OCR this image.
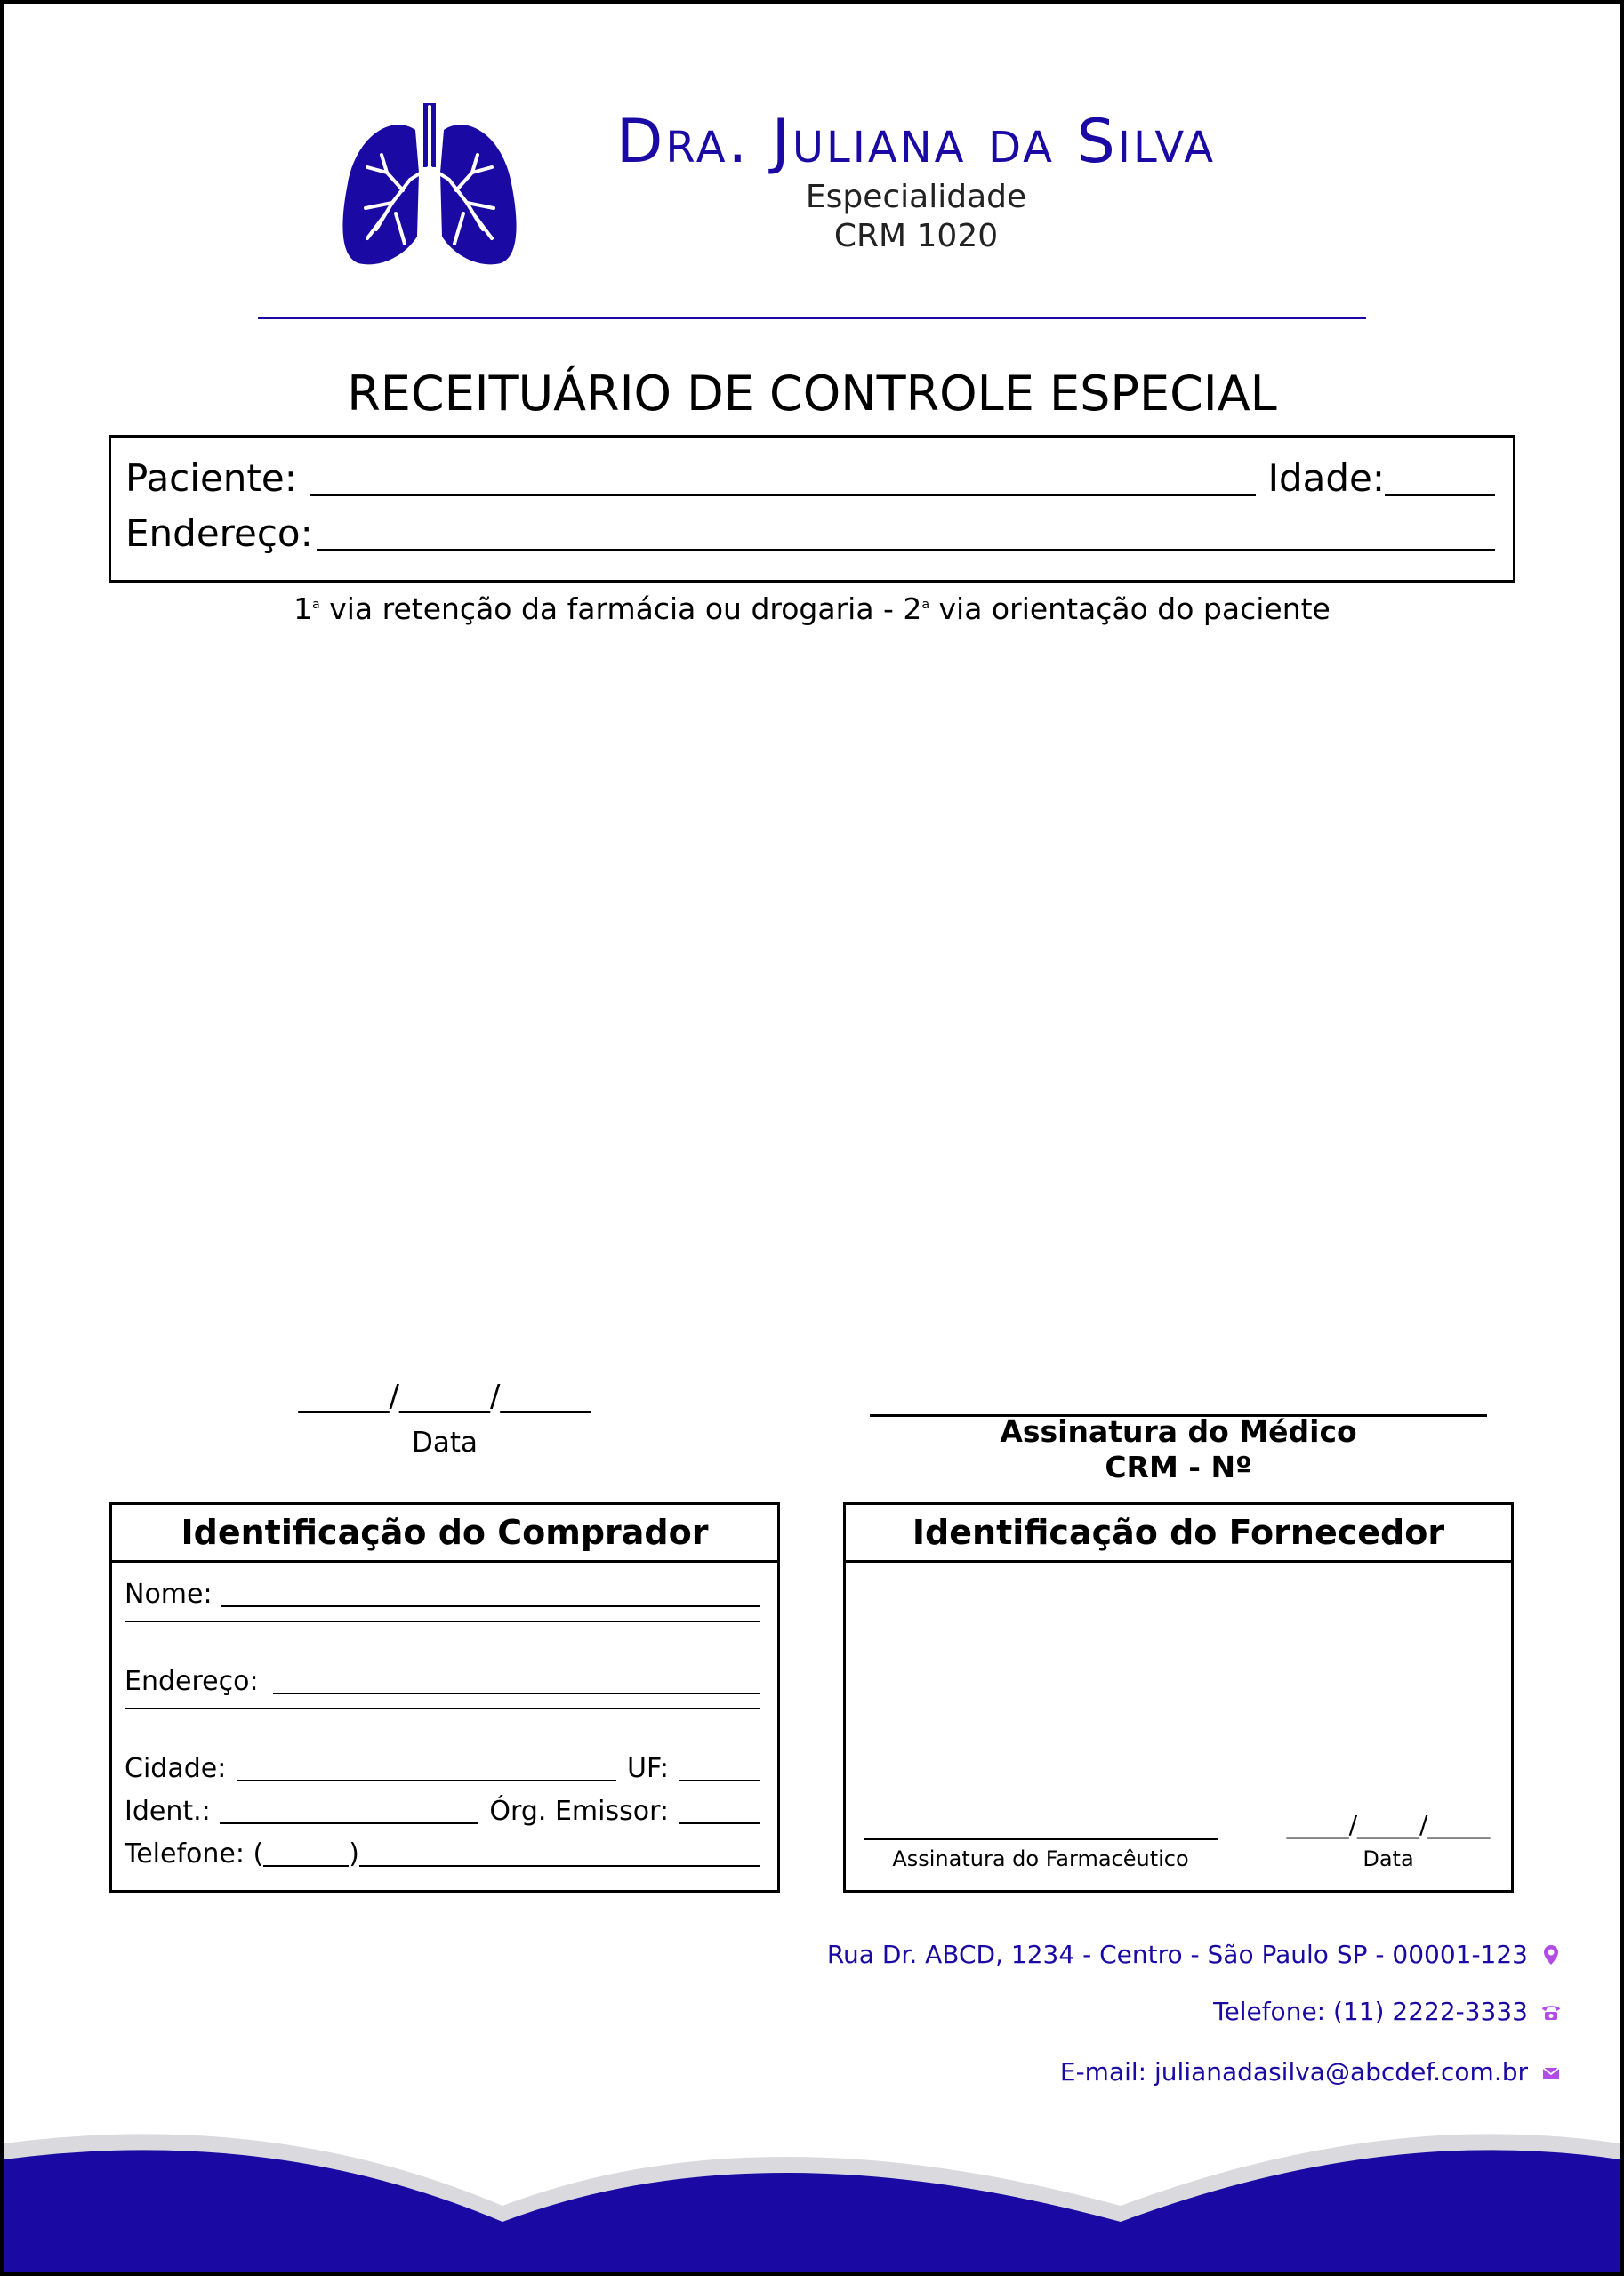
Dra. Juliana da Silva
Especialidade
CRM 1020
RECEITUÁRIO DE CONTROLE ESPECIAL
Paciente:	Idade:
Endereço:
1$^a$ via retenção da farmácia ou drogaria - 2$^a$ via orientação do paciente
______/______/______
Data	Assinatura do Médico
CRM - Nº
Identificação do Comprador
Nome:
Endereço:
Cidade:	UF:
Ident.:	Órg. Emissor:
Telefone: (	)
Identificação do Fornecedor
Assinatura do Farmacêutico
_____/_____/_____
Data
Rua Dr. ABCD, 1234 - Centro - São Paulo SP - 00001-123
Telefone: (11) 2222-3333
E-mail: julianadasilva@abcdef.com.br
